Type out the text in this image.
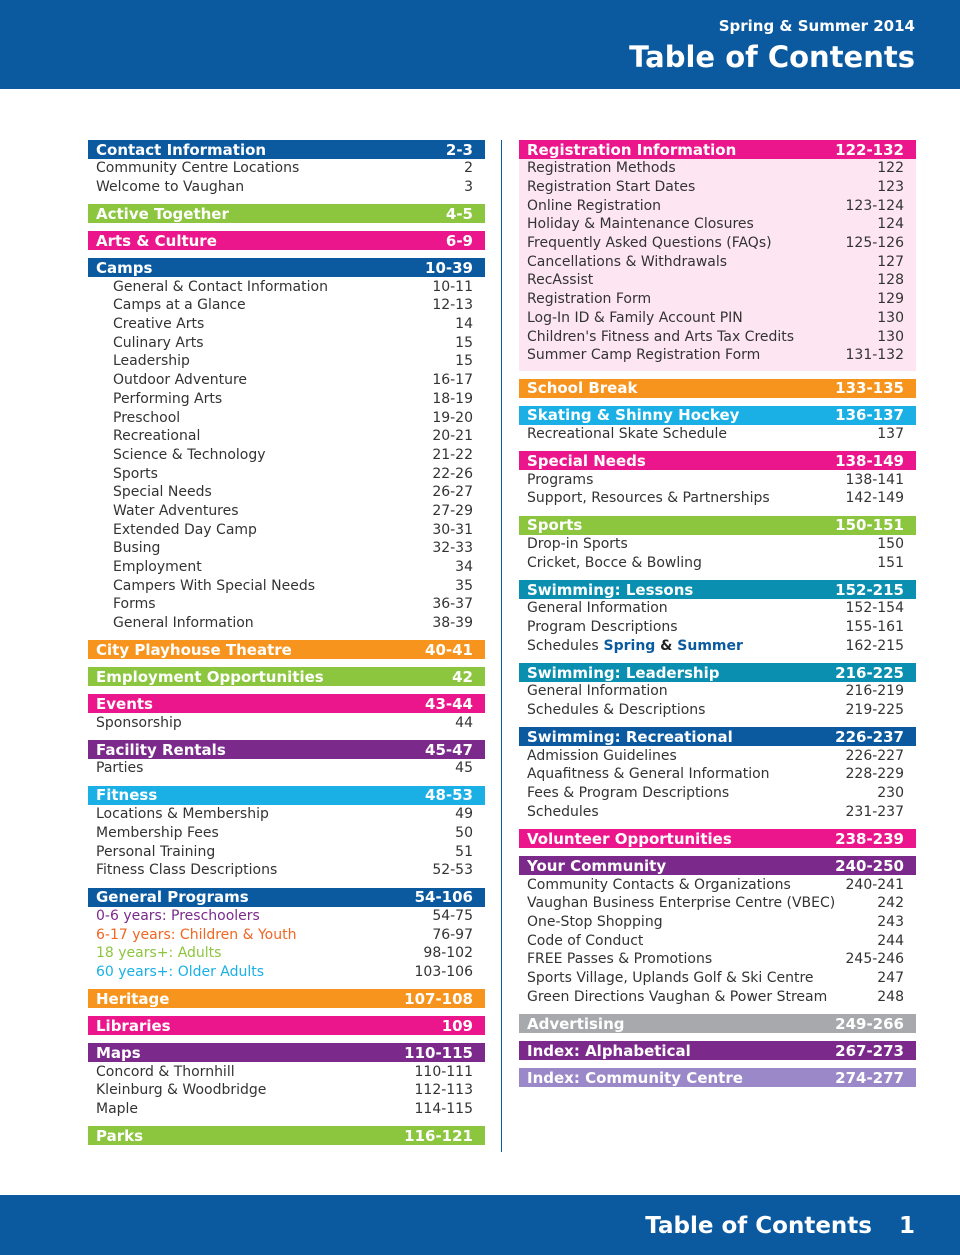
Spring & Summer 2014
Table of Contents
Contact Information	2-3
Community Centre Locations	2
Welcome to Vaughan	3
Active Together	4-5
Arts & Culture	6-9
Camps	10-39
General & Contact Information	10-11
Camps at a Glance	12-13
Creative Arts	14
Culinary Arts	15
Leadership	15
Outdoor Adventure	16-17
Performing Arts	18-19
Preschool	19-20
Recreational	20-21
Science & Technology	21-22
Sports	22-26
Special Needs	26-27
Water Adventures	27-29
Extended Day Camp	30-31
Busing	32-33
Employment	34
Campers With Special Needs	35
Forms	36-37
General Information	38-39
City Playhouse Theatre	40-41
Employment Opportunities	42
Events	43-44
Sponsorship	44
Facility Rentals	45-47
Parties	45
Fitness	48-53
Locations & Membership	49
Membership Fees	50
Personal Training	51
Fitness Class Descriptions	52-53
General Programs	54-106
0-6 years: Preschoolers	54-75
6-17 years: Children & Youth	76-97
18 years+: Adults	98-102
60 years+: Older Adults	103-106
Heritage	107-108
Libraries	109
Maps	110-115
Concord & Thornhill	110-111
Kleinburg & Woodbridge	112-113
Maple	114-115
Parks	116-121
Registration Information	122-132
Registration Methods	122
Registration Start Dates	123
Online Registration	123-124
Holiday & Maintenance Closures	124
Frequently Asked Questions (FAQs)	125-126
Cancellations & Withdrawals	127
RecAssist	128
Registration Form	129
Log-In ID & Family Account PIN	130
Children's Fitness and Arts Tax Credits	130
Summer Camp Registration Form	131-132
School Break	133-135
Skating & Shinny Hockey	136-137
Recreational Skate Schedule	137
Special Needs	138-149
Programs	138-141
Support, Resources & Partnerships	142-149
Sports	150-151
Drop-in Sports	150
Cricket, Bocce & Bowling	151
Swimming: Lessons	152-215
General Information	152-154
Program Descriptions	155-161
Schedules Spring & Summer	162-215
Swimming: Leadership	216-225
General Information	216-219
Schedules & Descriptions	219-225
Swimming: Recreational	226-237
Admission Guidelines	226-227
Aquafitness & General Information	228-229
Fees & Program Descriptions	230
Schedules	231-237
Volunteer Opportunities	238-239
Your Community	240-250
Community Contacts & Organizations	240-241
Vaughan Business Enterprise Centre (VBEC)	242
One-Stop Shopping	243
Code of Conduct	244
FREE Passes & Promotions	245-246
Sports Village, Uplands Golf & Ski Centre	247
Green Directions Vaughan & Power Stream	248
Advertising	249-266
Index: Alphabetical	267-273
Index: Community Centre	274-277
Table of Contents 1
